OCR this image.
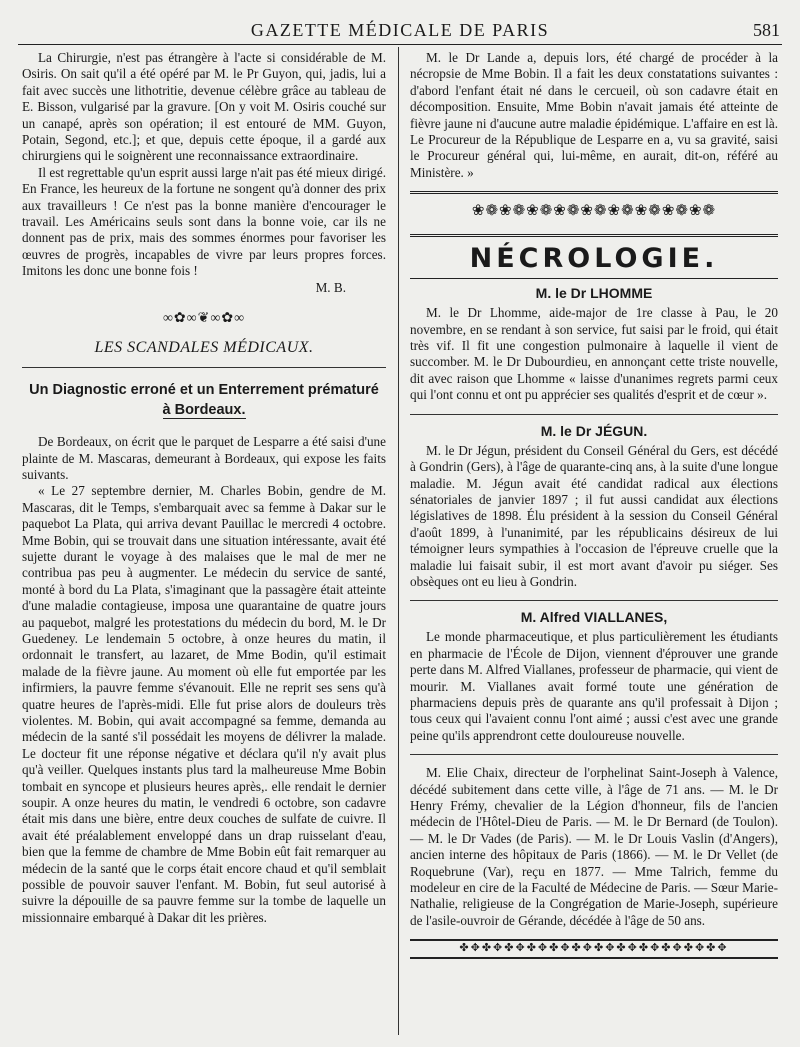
GAZETTE MÉDICALE DE PARIS	581

La Chirurgie, n'est pas étrangère à l'acte si considérable de M. Osiris. On sait qu'il a été opéré par M. le Pr Guyon, qui, jadis, lui a fait avec succès une lithotritie, devenue célèbre grâce au tableau de E. Bisson, vulgarisé par la gravure. [On y voit M. Osiris couché sur un canapé, après son opération; il est entouré de MM. Guyon, Potain, Segond, etc.]; et que, depuis cette époque, il a gardé aux chirurgiens qui le soignèrent une reconnaissance extraordinaire.

Il est regrettable qu'un esprit aussi large n'ait pas été mieux dirigé. En France, les heureux de la fortune ne songent qu'à donner des prix aux travailleurs ! Ce n'est pas la bonne manière d'encourager le travail. Les Américains seuls sont dans la bonne voie, car ils ne donnent pas de prix, mais des sommes énormes pour favoriser les œuvres de progrès, incapables de vivre par leurs propres forces. Imitons les donc une bonne fois !

M. B.

∞✿∞❦∞✿∞
LES SCANDALES MÉDICAUX.
Un Diagnostic erroné et un Enterrement prématuré
à Bordeaux.

De Bordeaux, on écrit que le parquet de Lesparre a été saisi d'une plainte de M. Mascaras, demeurant à Bordeaux, qui expose les faits suivants.

« Le 27 septembre dernier, M. Charles Bobin, gendre de M. Mascaras, dit le Temps, s'embarquait avec sa femme à Dakar sur le paquebot La Plata, qui arriva devant Pauillac le mercredi 4 octobre. Mme Bobin, qui se trouvait dans une situation intéressante, avait été sujette durant le voyage à des malaises que le mal de mer ne contribua pas peu à augmenter. Le médecin du service de santé, monté à bord du La Plata, s'imaginant que la passagère était atteinte d'une maladie contagieuse, imposa une quarantaine de quatre jours au paquebot, malgré les protestations du médecin du bord, M. le Dr Guedeney. Le lendemain 5 octobre, à onze heures du matin, il ordonnait le transfert, au lazaret, de Mme Bodin, qu'il estimait malade de la fièvre jaune. Au moment où elle fut emportée par les infirmiers, la pauvre femme s'évanouit. Elle ne reprit ses sens qu'à quatre heures de l'après-midi. Elle fut prise alors de douleurs très violentes. M. Bobin, qui avait accompagné sa femme, demanda au médecin de la santé s'il possédait les moyens de délivrer la malade. Le docteur fit une réponse négative et déclara qu'il n'y avait plus qu'à veiller. Quelques instants plus tard la malheureuse Mme Bobin tombait en syncope et plusieurs heures après,. elle rendait le dernier soupir. A onze heures du matin, le vendredi 6 octobre, son cadavre était mis dans une bière, entre deux couches de sulfate de cuivre. Il avait été préalablement enveloppé dans un drap ruisselant d'eau, bien que la femme de chambre de Mme Bobin eût fait remarquer au médecin de la santé que le corps était encore chaud et qu'il semblait possible de pouvoir sauver l'enfant. M. Bobin, fut seul autorisé à suivre la dépouille de sa pauvre femme sur la tombe de laquelle un missionnaire embarqué à Dakar dit les prières.

M. le Dr Lande a, depuis lors, été chargé de procéder à la nécropsie de Mme Bobin. Il a fait les deux constatations suivantes : d'abord l'enfant était né dans le cercueil, où son cadavre était en décomposition. Ensuite, Mme Bobin n'avait jamais été atteinte de fièvre jaune ni d'aucune autre maladie épidémique. L'affaire en est là. Le Procureur de la République de Lesparre en a, vu sa gravité, saisi le Procureur général qui, lui-même, en aurait, dit-on, référé au Ministère. »

❀❁❀❁❀❁❀❁❀❁❀❁❀❁❀❁❀❁
NÉCROLOGIE.
M. le Dr LHOMME

M. le Dr Lhomme, aide-major de 1re classe à Pau, le 20 novembre, en se rendant à son service, fut saisi par le froid, qui était très vif. Il fit une congestion pulmonaire à laquelle il vient de succomber. M. le Dr Dubourdieu, en annonçant cette triste nouvelle, dit avec raison que Lhomme « laisse d'unanimes regrets parmi ceux qui l'ont connu et ont pu apprécier ses qualités d'esprit et de cœur ».

M. le Dr JÉGUN.

M. le Dr Jégun, président du Conseil Général du Gers, est décédé à Gondrin (Gers), à l'âge de quarante-cinq ans, à la suite d'une longue maladie. M. Jégun avait été candidat radical aux élections sénatoriales de janvier 1897 ; il fut aussi candidat aux élections législatives de 1898. Élu président à la session du Conseil Général d'août 1899, à l'unanimité, par les républicains désireux de lui témoigner leurs sympathies à l'occasion de l'épreuve cruelle que la maladie lui faisait subir, il est mort avant d'avoir pu siéger. Ses obsèques ont eu lieu à Gondrin.

M. Alfred VIALLANES,

Le monde pharmaceutique, et plus particulièrement les étudiants en pharmacie de l'École de Dijon, viennent d'éprouver une grande perte dans M. Alfred Viallanes, professeur de pharmacie, qui vient de mourir. M. Viallanes avait formé toute une génération de pharmaciens depuis près de quarante ans qu'il professait à Dijon ; tous ceux qui l'avaient connu l'ont aimé ; aussi c'est avec une grande peine qu'ils apprendront cette douloureuse nouvelle.

M. Elie Chaix, directeur de l'orphelinat Saint-Joseph à Valence, décédé subitement dans cette ville, à l'âge de 71 ans. — M. le Dr Henry Frémy, chevalier de la Légion d'honneur, fils de l'ancien médecin de l'Hôtel-Dieu de Paris. — M. le Dr Bernard (de Toulon). — M. le Dr Vades (de Paris). — M. le Dr Louis Vaslin (d'Angers), ancien interne des hôpitaux de Paris (1866). — M. le Dr Vellet (de Roquebrune (Var), reçu en 1877. — Mme Talrich, femme du modeleur en cire de la Faculté de Médecine de Paris. — Sœur Marie-Nathalie, religieuse de la Congrégation de Marie-Joseph, supérieure de l'asile-ouvroir de Gérande, décédée à l'âge de 50 ans.

✤✥✤✥✤✥✤✥✤✥✤✥✤✥✤✥✤✥✤✥✤✥✤✥
